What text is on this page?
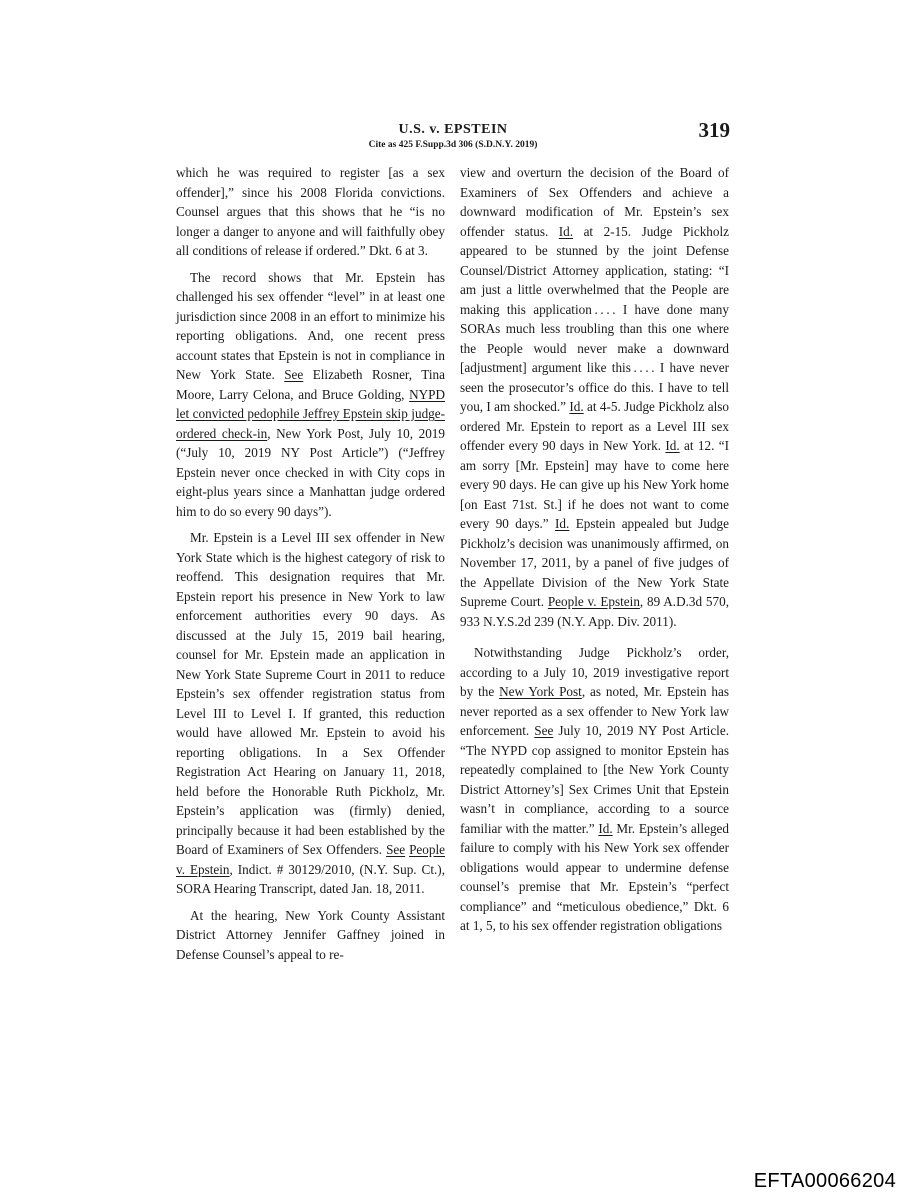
U.S. v. EPSTEIN
Cite as 425 F.Supp.3d 306 (S.D.N.Y. 2019)
319

which he was required to register [as a sex offender],” since his 2008 Florida convictions. Counsel argues that this shows that he “is no longer a danger to anyone and will faithfully obey all conditions of release if ordered.” Dkt. 6 at 3.

The record shows that Mr. Epstein has challenged his sex offender “level” in at least one jurisdiction since 2008 in an effort to minimize his reporting obligations. And, one recent press account states that Epstein is not in compliance in New York State. See Elizabeth Rosner, Tina Moore, Larry Celona, and Bruce Golding, NYPD let convicted pedophile Jeffrey Epstein skip judge-ordered check-in, New York Post, July 10, 2019 (“July 10, 2019 NY Post Article”) (“Jeffrey Epstein never once checked in with City cops in eight-plus years since a Manhattan judge ordered him to do so every 90 days”).

Mr. Epstein is a Level III sex offender in New York State which is the highest category of risk to reoffend. This designation requires that Mr. Epstein report his presence in New York to law enforcement authorities every 90 days. As discussed at the July 15, 2019 bail hearing, counsel for Mr. Epstein made an application in New York State Supreme Court in 2011 to reduce Epstein’s sex offender registration status from Level III to Level I. If granted, this reduction would have allowed Mr. Epstein to avoid his reporting obligations. In a Sex Offender Registration Act Hearing on January 11, 2018, held before the Honorable Ruth Pickholz, Mr. Epstein’s application was (firmly) denied, principally because it had been established by the Board of Examiners of Sex Offenders. See People v. Epstein, Indict. # 30129/2010, (N.Y. Sup. Ct.), SORA Hearing Transcript, dated Jan. 18, 2011.

At the hearing, New York County Assistant District Attorney Jennifer Gaffney joined in Defense Counsel’s appeal to re-

view and overturn the decision of the Board of Examiners of Sex Offenders and achieve a downward modification of Mr. Epstein’s sex offender status. Id. at 2-15. Judge Pickholz appeared to be stunned by the joint Defense Counsel/District Attorney application, stating: “I am just a little overwhelmed that the People are making this application . . . . I have done many SORAs much less troubling than this one where the People would never make a downward [adjustment] argument like this . . . . I have never seen the prosecutor’s office do this. I have to tell you, I am shocked.” Id. at 4-5. Judge Pickholz also ordered Mr. Epstein to report as a Level III sex offender every 90 days in New York. Id. at 12. “I am sorry [Mr. Epstein] may have to come here every 90 days. He can give up his New York home [on East 71st. St.] if he does not want to come every 90 days.” Id. Epstein appealed but Judge Pickholz’s decision was unanimously affirmed, on November 17, 2011, by a panel of five judges of the Appellate Division of the New York State Supreme Court. People v. Epstein, 89 A.D.3d 570, 933 N.Y.S.2d 239 (N.Y. App. Div. 2011).

Notwithstanding Judge Pickholz’s order, according to a July 10, 2019 investigative report by the New York Post, as noted, Mr. Epstein has never reported as a sex offender to New York law enforcement. See July 10, 2019 NY Post Article. “The NYPD cop assigned to monitor Epstein has repeatedly complained to [the New York County District Attorney’s] Sex Crimes Unit that Epstein wasn’t in compliance, according to a source familiar with the matter.” Id. Mr. Epstein’s alleged failure to comply with his New York sex offender obligations would appear to undermine defense counsel’s premise that Mr. Epstein’s “perfect compliance” and “meticulous obedience,” Dkt. 6 at 1, 5, to his sex offender registration obligations

EFTA00066204
